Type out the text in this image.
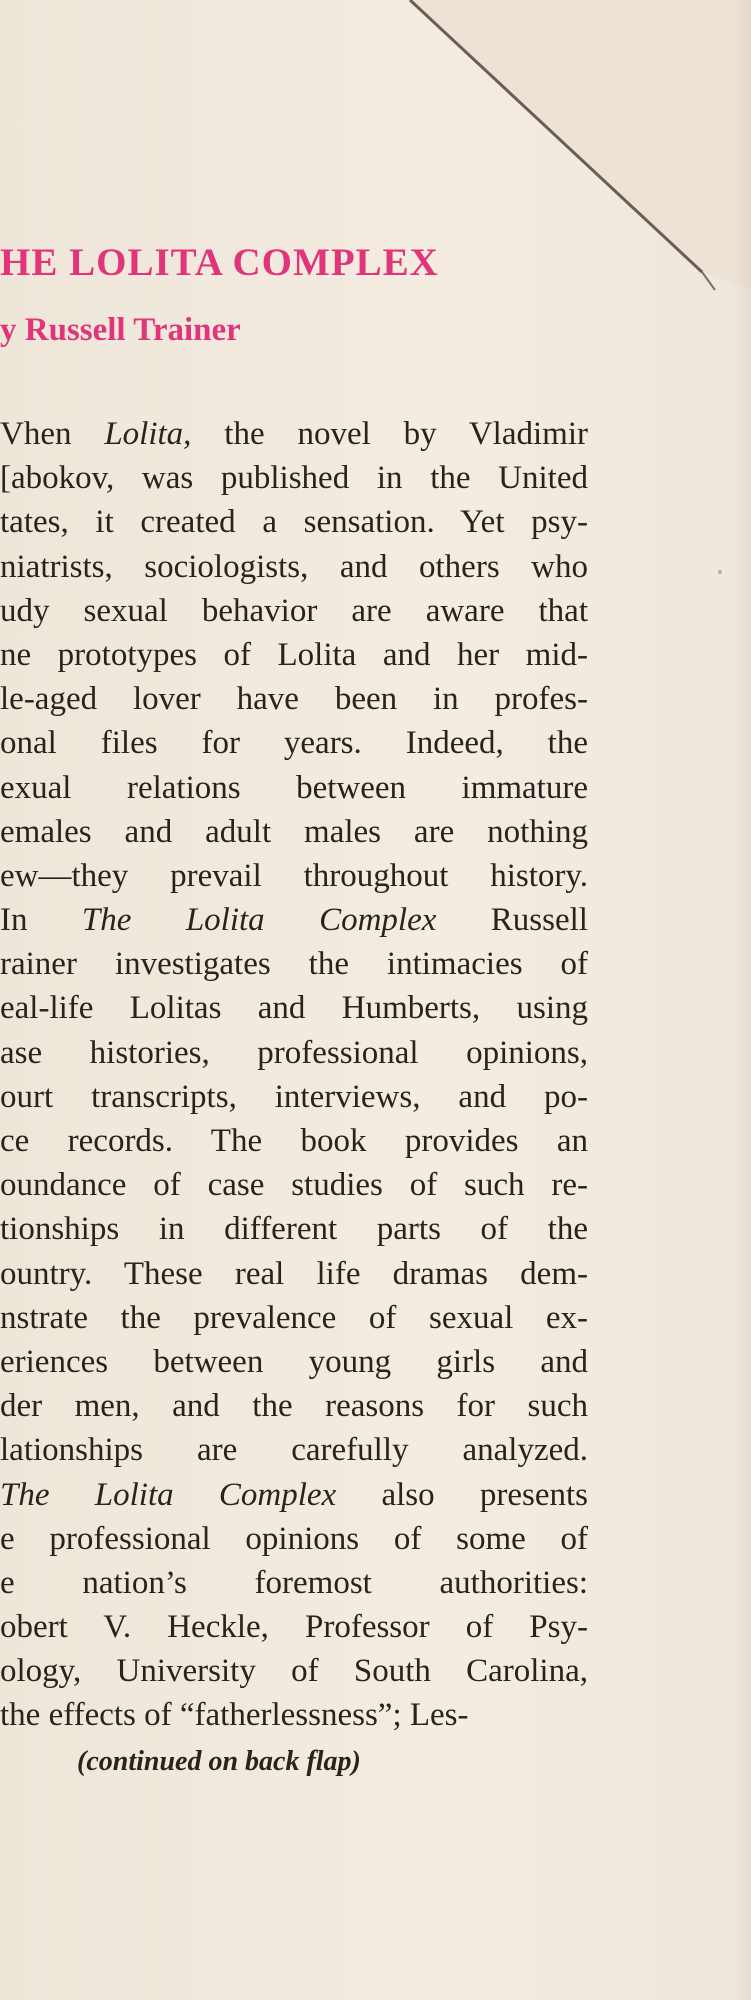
HE LOLITA COMPLEX
y Russell Trainer
Vhen Lolita, the novel by Vladimir
[abokov, was published in the United
tates, it created a sensation. Yet psy-
niatrists, sociologists, and others who
udy sexual behavior are aware that
ne prototypes of Lolita and her mid-
le-aged lover have been in profes-
onal files for years. Indeed, the
exual relations between immature
emales and adult males are nothing
ew—they prevail throughout history.
In The Lolita Complex Russell
rainer investigates the intimacies of
eal-life Lolitas and Humberts, using
ase histories, professional opinions,
ourt transcripts, interviews, and po-
ce records. The book provides an
oundance of case studies of such re-
tionships in different parts of the
ountry. These real life dramas dem-
nstrate the prevalence of sexual ex-
eriences between young girls and
der men, and the reasons for such
lationships are carefully analyzed.
The Lolita Complex also presents
e professional opinions of some of
e nation’s foremost authorities:
obert V. Heckle, Professor of Psy-
ology, University of South Carolina,
the effects of “fatherlessness”; Les-
(continued on back flap)
